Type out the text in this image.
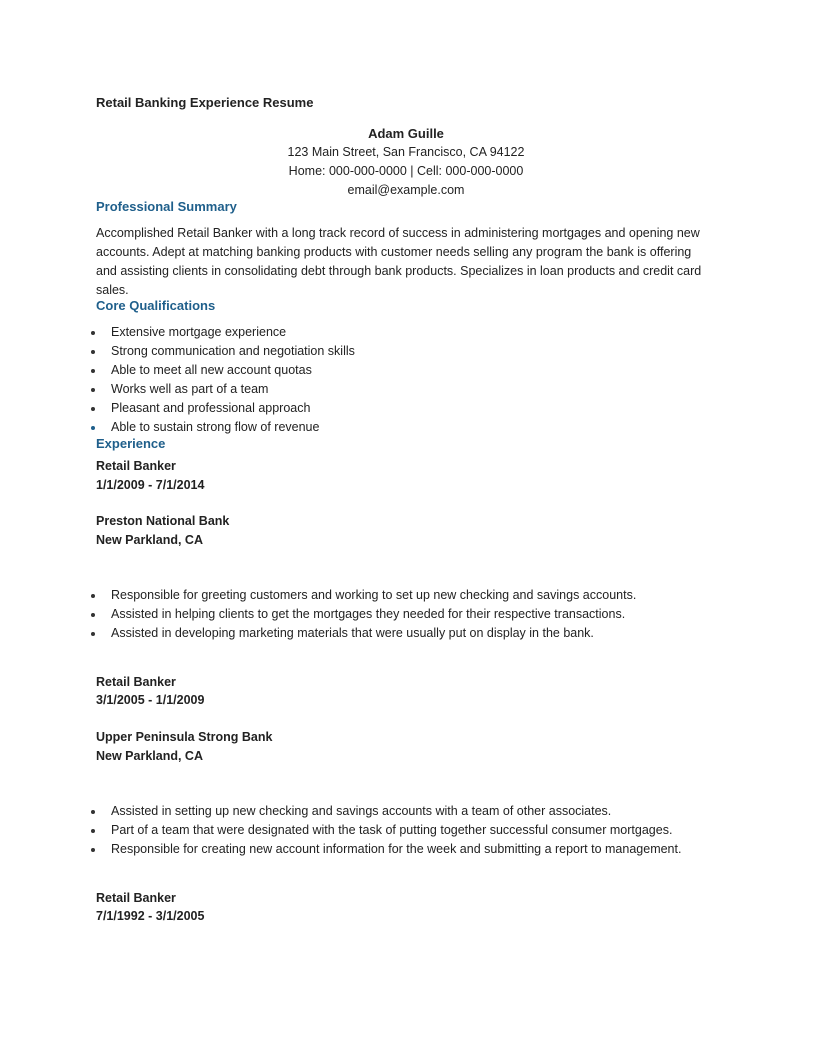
Retail Banking Experience Resume
Adam Guille
123 Main Street, San Francisco, CA 94122
Home: 000-000-0000 | Cell: 000-000-0000
email@example.com
Professional Summary
Accomplished Retail Banker with a long track record of success in administering mortgages and opening new accounts. Adept at matching banking products with customer needs selling any program the bank is offering and assisting clients in consolidating debt through bank products. Specializes in loan products and credit card sales.
Core Qualifications
Extensive mortgage experience
Strong communication and negotiation skills
Able to meet all new account quotas
Works well as part of a team
Pleasant and professional approach
Able to sustain strong flow of revenue
Experience
Retail Banker
1/1/2009 - 7/1/2014
Preston National Bank
New Parkland, CA
Responsible for greeting customers and working to set up new checking and savings accounts.
Assisted in helping clients to get the mortgages they needed for their respective transactions.
Assisted in developing marketing materials that were usually put on display in the bank.
Retail Banker
3/1/2005 - 1/1/2009
Upper Peninsula Strong Bank
New Parkland, CA
Assisted in setting up new checking and savings accounts with a team of other associates.
Part of a team that were designated with the task of putting together successful consumer mortgages.
Responsible for creating new account information for the week and submitting a report to management.
Retail Banker
7/1/1992 - 3/1/2005
